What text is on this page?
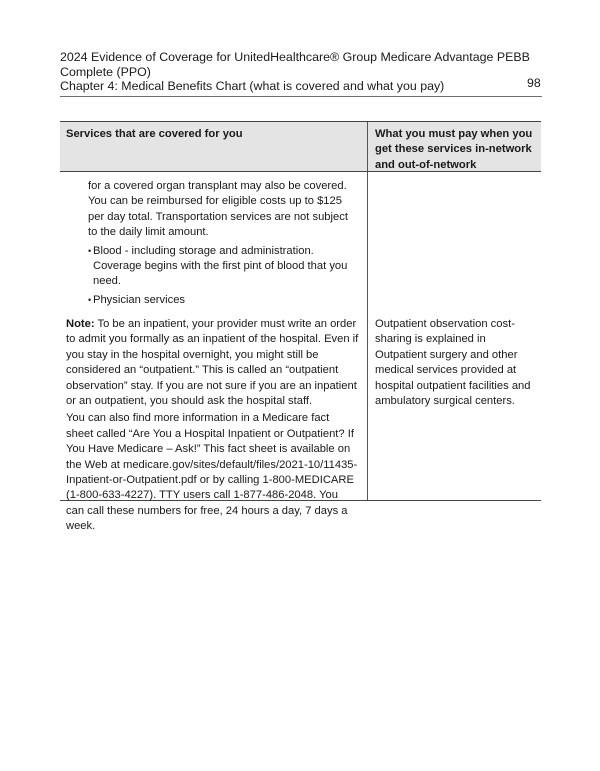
2024 Evidence of Coverage for UnitedHealthcare® Group Medicare Advantage PEBB Complete (PPO)
Chapter 4: Medical Benefits Chart (what is covered and what you pay)	98
Services that are covered for you	What you must pay when you get these services in-network and out-of-network

for a covered organ transplant may also be covered. You can be reimbursed for eligible costs up to $125 per day total. Transportation services are not subject to the daily limit amount.

• Blood - including storage and administration. Coverage begins with the first pint of blood that you need.
• Physician services

Note: To be an inpatient, your provider must write an order to admit you formally as an inpatient of the hospital. Even if you stay in the hospital overnight, you might still be considered an “outpatient.” This is called an “outpatient observation” stay. If you are not sure if you are an inpatient or an outpatient, you should ask the hospital staff.

You can also find more information in a Medicare fact sheet called “Are You a Hospital Inpatient or Outpatient? If You Have Medicare – Ask!” This fact sheet is available on the Web at medicare.gov/sites/default/files/2021-10/11435-Inpatient-or-Outpatient.pdf or by calling 1-800-MEDICARE (1-800-633-4227). TTY users call 1-877-486-2048. You can call these numbers for free, 24 hours a day, 7 days a week.

Outpatient observation cost-sharing is explained in Outpatient surgery and other medical services provided at hospital outpatient facilities and ambulatory surgical centers.
